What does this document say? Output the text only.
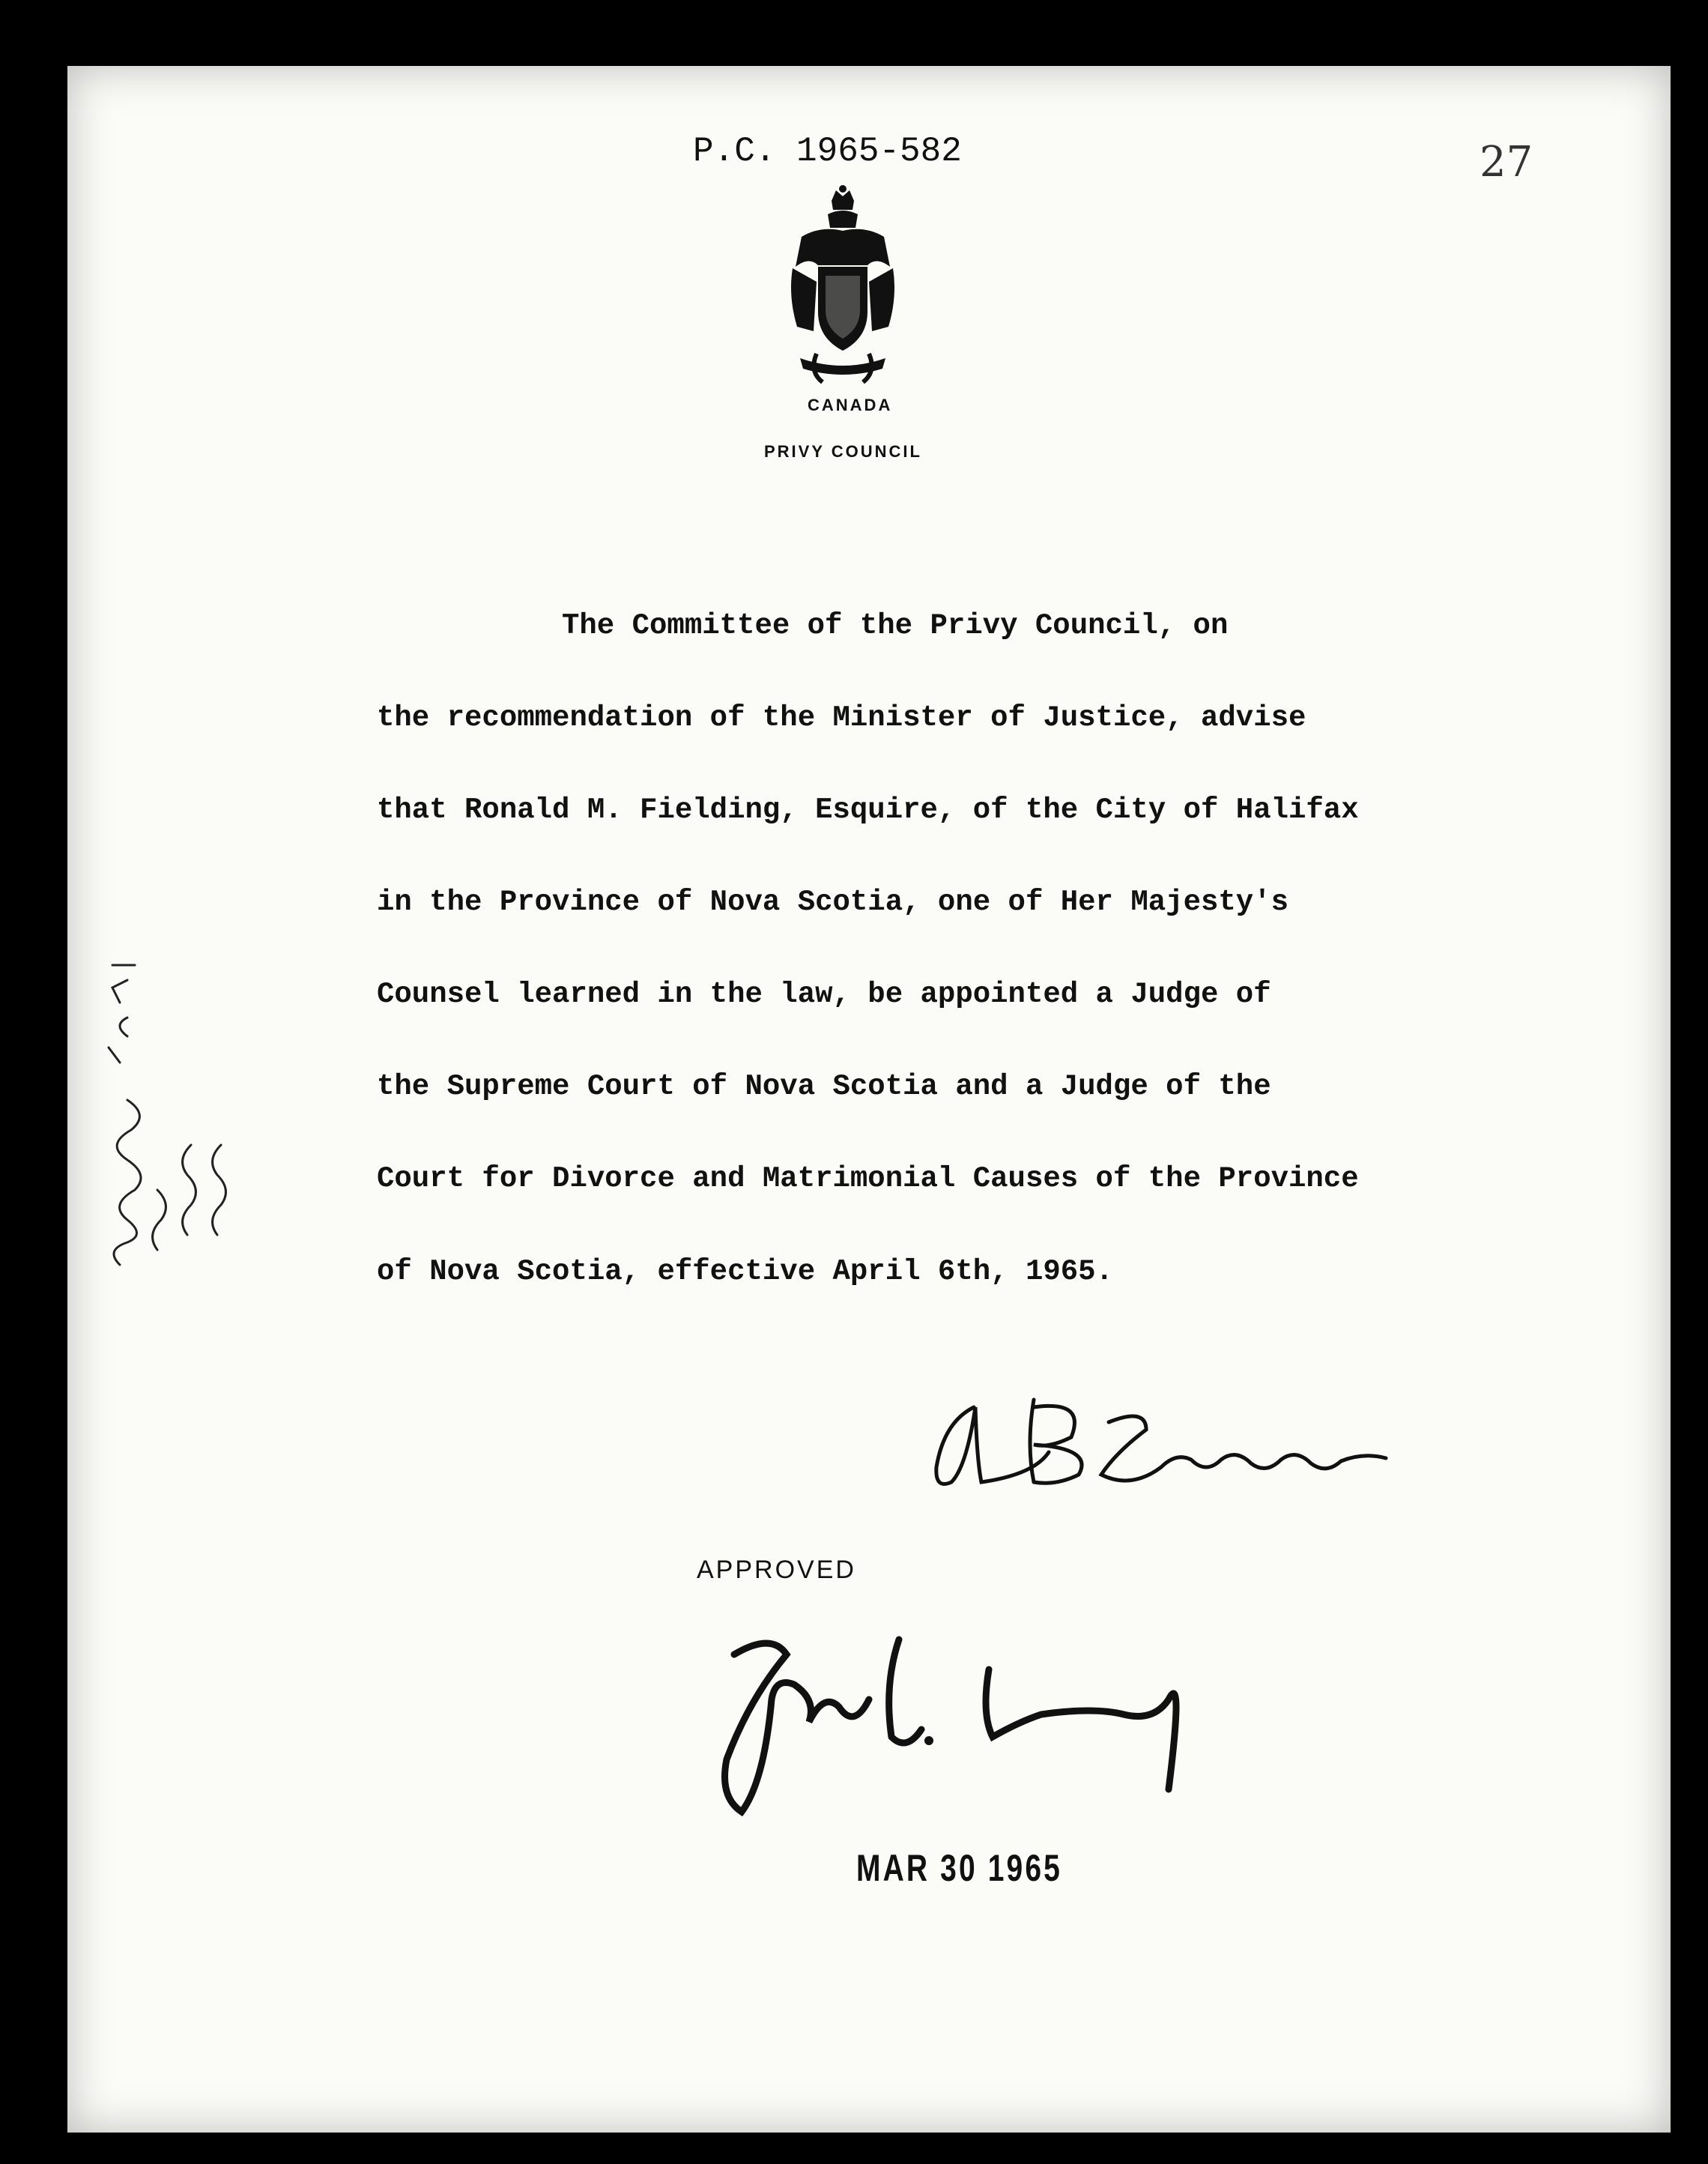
P.C. 1965-582	27
CANADA
PRIVY COUNCIL
The Committee of the Privy Council, on
the recommendation of the Minister of Justice, advise
that Ronald M. Fielding, Esquire, of the City of Halifax
in the Province of Nova Scotia, one of Her Majesty's
Counsel learned in the law, be appointed a Judge of
the Supreme Court of Nova Scotia and a Judge of the
Court for Divorce and Matrimonial Causes of the Province
of Nova Scotia, effective April 6th, 1965.
APPROVED
MAR 30 1965
